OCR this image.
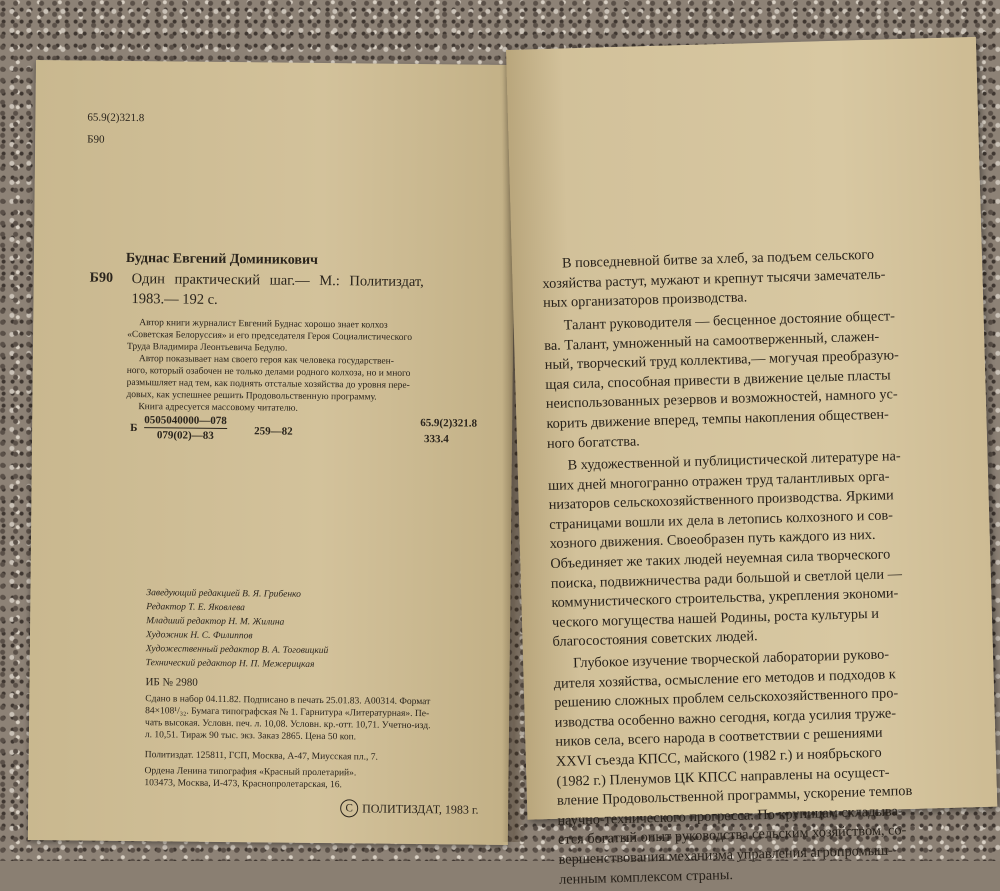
65.9(2)321.8
Б90
Буднас Евгений Доминикович
Б90 Один практический шаг.— М.: Политиздат,
1983.— 192 с.
Автор книги журналист Евгений Буднас хорошо знает колхоз
«Советская Белоруссия» и его председателя Героя Социалистического
Труда Владимира Леонтьевича Бедулю.
Автор показывает нам своего героя как человека государствен-
ного, который озабочен не только делами родного колхоза, но и много
размышляет над тем, как поднять отсталые хозяйства до уровня пере-
довых, как успешнее решить Продовольственную программу.
Книга адресуется массовому читателю.
Б $\frac{0505040000—078}{079(02)—83}$ 259—82
65.9(2)321.8
333.4
Заведующий редакцией В. Я. Грибенко
Редактор Т. Е. Яковлева
Младший редактор Н. М. Жилина
Художник Н. С. Филиппов
Художественный редактор В. А. Тоговицкий
Технический редактор Н. П. Межерицкая
ИБ № 2980
Сдано в набор 04.11.82. Подписано в печать 25.01.83. А00314. Формат
84×108¹/₃₂. Бумага типографская № 1. Гарнитура «Литературная». Пе-
чать высокая. Условн. печ. л. 10,08. Условн. кр.-отт. 10,71. Учетно-изд.
л. 10,51. Тираж 90 тыс. экз. Заказ 2865. Цена 50 коп.
Политиздат. 125811, ГСП, Москва, А-47, Миусская пл., 7.
Ордена Ленина типография «Красный пролетарий».
103473, Москва, И-473, Краснопролетарская, 16.
C ПОЛИТИЗДАТ, 1983 г.
В повседневной битве за хлеб, за подъем сельского
хозяйства растут, мужают и крепнут тысячи замечатель-
ных организаторов производства.
Талант руководителя — бесценное достояние общест-
ва. Талант, умноженный на самоотверженный, слажен-
ный, творческий труд коллектива,— могучая преобразую-
щая сила, способная привести в движение целые пласты
неиспользованных резервов и возможностей, намного ус-
корить движение вперед, темпы накопления обществен-
ного богатства.
В художественной и публицистической литературе на-
ших дней многогранно отражен труд талантливых орга-
низаторов сельскохозяйственного производства. Яркими
страницами вошли их дела в летопись колхозного и сов-
хозного движения. Своеобразен путь каждого из них.
Объединяет же таких людей неуемная сила творческого
поиска, подвижничества ради большой и светлой цели —
коммунистического строительства, укрепления экономи-
ческого могущества нашей Родины, роста культуры и
благосостояния советских людей.
Глубокое изучение творческой лаборатории руково-
дителя хозяйства, осмысление его методов и подходов к
решению сложных проблем сельскохозяйственного про-
изводства особенно важно сегодня, когда усилия труже-
ников села, всего народа в соответствии с решениями
XXVI съезда КПСС, майского (1982 г.) и ноябрьского
(1982 г.) Пленумов ЦК КПСС направлены на осущест-
вление Продовольственной программы, ускорение темпов
научно-технического прогресса. По крупицам складыва-
ется богатый опыт руководства сельским хозяйством, со-
вершенствования механизма управления агропромыш-
ленным комплексом страны.
